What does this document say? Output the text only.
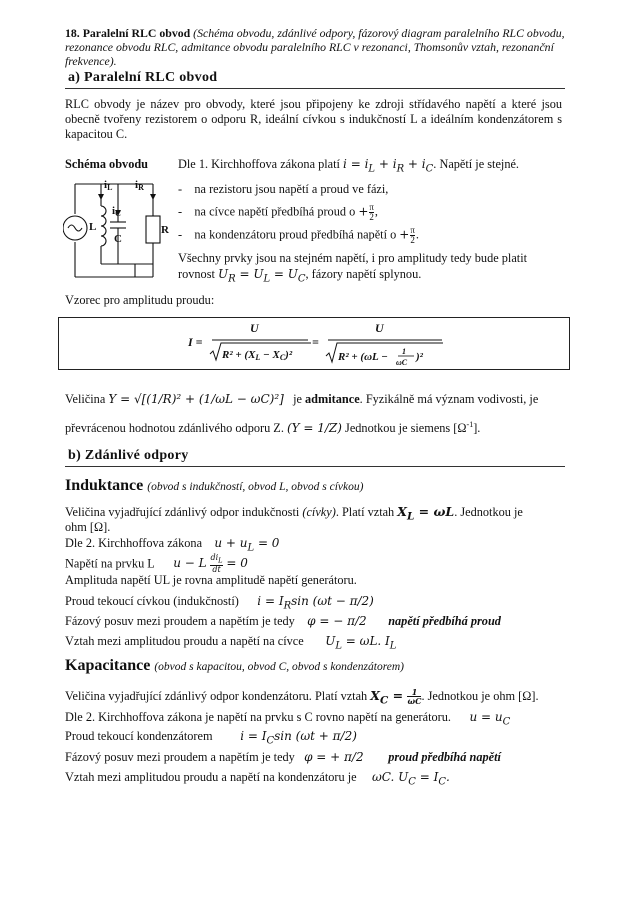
18. Paralelní RLC obvod (Schéma obvodu, zdánlivé odpory, fázorový diagram paralelního RLC obvodu, rezonance obvodu RLC, admitance obvodu paralelního RLC v rezonanci, Thomsonův vztah, rezonanční frekvence).
a) Paralelní RLC obvod
RLC obvody je název pro obvody, které jsou připojeny ke zdroji střídavého napětí a které jsou obecně tvořeny rezistorem o odporu R, ideální cívkou s indukčností L a ideálním kondenzátorem s kapacitou C.
Schéma obvodu
iL iR
iC
L
C
R
Dle 1. Kirchhoffova zákona platí $i = i_L + i_R + i_C$. Napětí je stejné.
-    na rezistoru jsou napětí a proud ve fázi,
-    na cívce napětí předbíhá proud $o + \frac{\pi}{2}$,
-    na kondenzátoru proud předbíhá napětí $o + \frac{\pi}{2}$.
Všechny prvky jsou na stejném napětí, i pro amplitudy tedy bude platit
rovnost $U_R = U_L = U_C$, fázory napětí splynou.
Vzorec pro amplitudu proudu:
I =
U
R² + (XL − XC)²
=
U
R² + (ωL − 1
ωC )²
Veličina Y = √[(1/R)² + (1/ωL − ωC)²] je admitance. Fyzikálně má význam vodivosti, je
převrácenou hodnotou zdánlivého odporu Z. (Y = 1/Z) Jednotkou je siemens $[\Omega^{-1}]$.
b) Zdánlivé odpory
Induktance (obvod s indukčností, obvod L, obvod s cívkou)
Veličina vyjadřující zdánlivý odpor indukčnosti (cívky). Platí vztah $X_L = \omega L$. Jednotkou je
ohm [Ω].
Dle 2. Kirchhoffova zákona $u + u_L = 0$
Napětí na prvku L u − L $di_L$
dt = 0
Amplituda napětí UL je rovna amplitudě napětí generátoru.
Proud tekoucí cívkou (indukčností) $i = I_R\sin$ (ωt − π/2)
Fázový posuv mezi proudem a napětím je tedy φ = − π/2 napětí předbíhá proud
Vztah mezi amplitudou proudu a napětí na cívce $U_L = \omega L$. $I_L$
Kapacitance (obvod s kapacitou, obvod C, obvod s kondenzátorem)
Veličina vyjadřující zdánlivý odpor kondenzátoru. Platí vztah $X_C = 1$
ωC. Jednotkou je ohm [Ω].
Dle 2. Kirchhoffova zákona je napětí na prvku s C rovno napětí na generátoru. $u = u_C$
Proud tekoucí kondenzátorem $i = I_C\sin$ (ωt + π/2)
Fázový posuv mezi proudem a napětím je tedy φ = + π/2 proud předbíhá napětí
Vztah mezi amplitudou proudu a napětí na kondenzátoru je ωC. $U_C = I_C$.
